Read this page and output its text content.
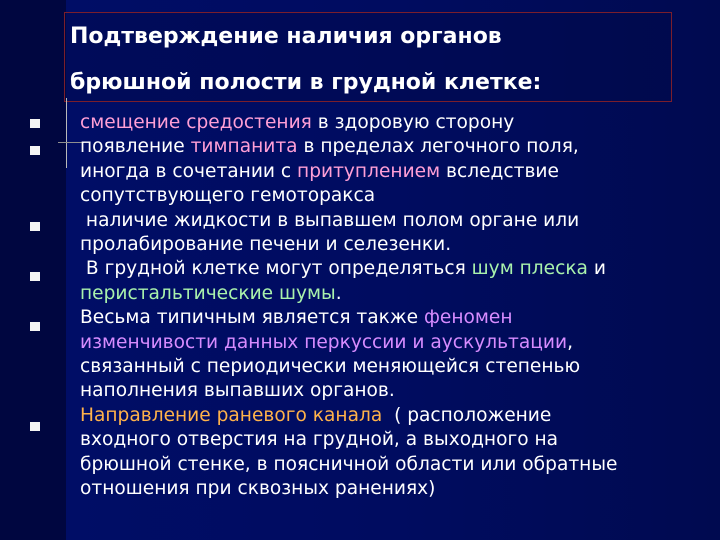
Подтверждение наличия органов
брюшной полости в грудной клетке:
смещение средостения в здоровую сторону
появление тимпанита в пределах легочного поля,
иногда в сочетании с притуплением вследствие
сопутствующего гемоторакса
наличие жидкости в выпавшем полом органе или
пролабирование печени и селезенки.
В грудной клетке могут определяться шум плеска и
перистальтические шумы.
Весьма типичным является также феномен
изменчивости данных перкуссии и аускультации,
связанный с периодически меняющейся степенью
наполнения выпавших органов.
Направление раневого канала  ( расположение
входного отверстия на грудной, а выходного на
брюшной стенке, в поясничной области или обратные
отношения при сквозных ранениях)
